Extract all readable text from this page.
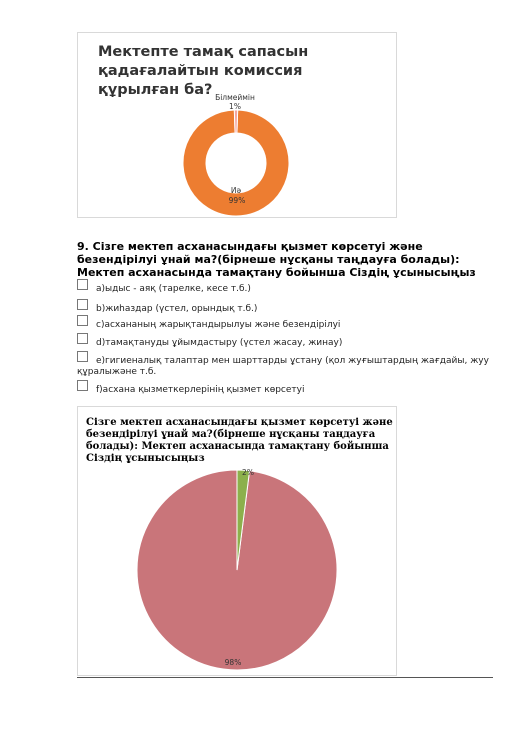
Мектепте тамақ сапасын қадағалайтын комиссия құрылған ба? Білмеймін
1%
Иә
99%
9. Сізге мектеп асханасындағы қызмет көрсетуі және безендірілуі ұнай ма?(бірнеше нұсқаны таңдауға болады): Мектеп асханасында тамақтану бойынша Сіздің ұсынысыңыз
а)ыдыс - аяқ (тарелке, кесе т.б.)
b)жиһаздар (үстел, орындық т.б.)
c)асхананың жарықтандырылуы және безендірілуі
d)тамақтануды ұйымдастыру (үстел жасау, жинау)
e)гигиеналық талаптар мен шарттарды ұстану (қол жуғыштардың жағдайы, жуу құралыжәне т.б.
f)асхана қызметкерлерінің қызмет көрсетуі
Сізге мектеп асханасындағы қызмет көрсетуі және безендірілуі ұнай ма?(бірнеше нұсқаны таңдауға болады): Мектеп асханасында тамақтану бойынша Сіздің ұсынысыңыз
2%
98%
